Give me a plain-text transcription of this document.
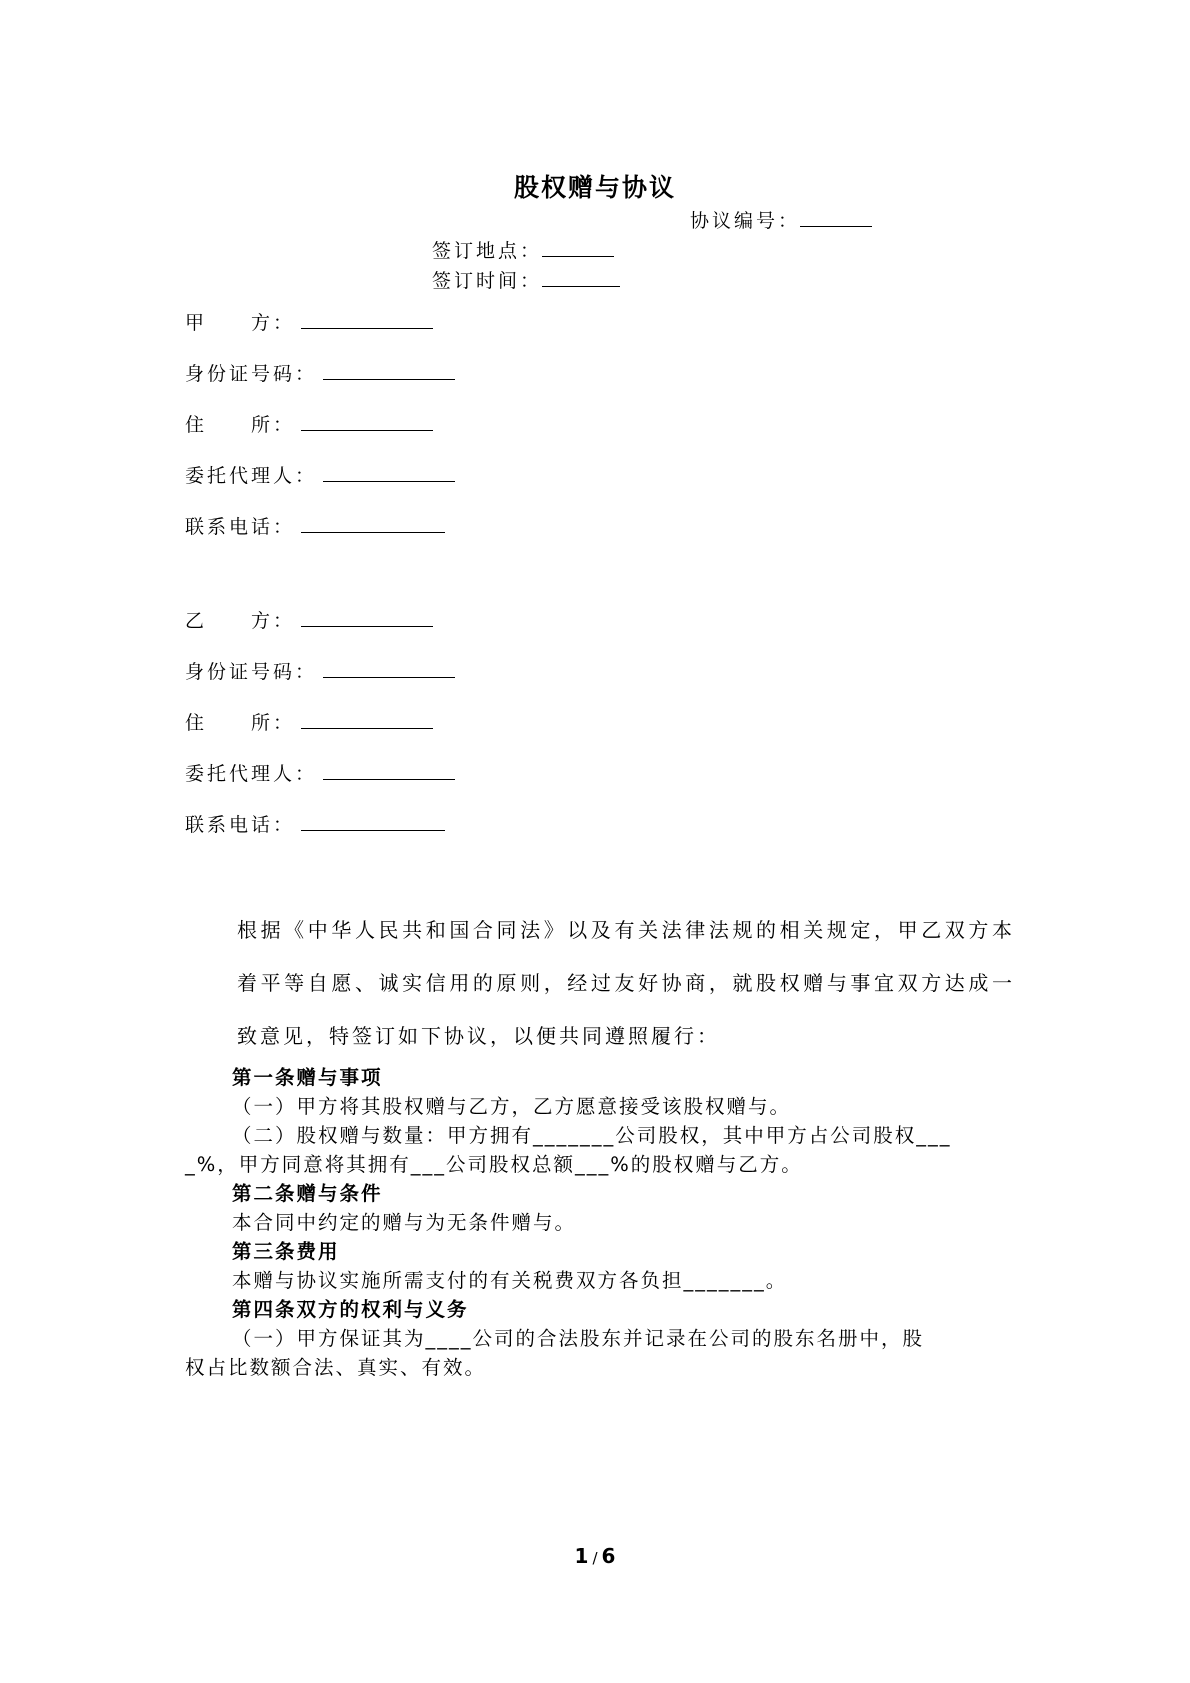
股权赠与协议
协议编号：
签订地点：
签订时间：
甲　　方：
身份证号码：
住　　所：
委托代理人：
联系电话：
乙　　方：
身份证号码：
住　　所：
委托代理人：
联系电话：
根据《中华人民共和国合同法》以及有关法律法规的相关规定，甲乙双方本着平等自愿、诚实信用的原则，经过友好协商，就股权赠与事宜双方达成一致意见，特签订如下协议，以便共同遵照履行：
第一条赠与事项
（一）甲方将其股权赠与乙方，乙方愿意接受该股权赠与。
（二）股权赠与数量：甲方拥有_______公司股权，其中甲方占公司股权___
_%，甲方同意将其拥有___公司股权总额___%的股权赠与乙方。
第二条赠与条件
本合同中约定的赠与为无条件赠与。
第三条费用
本赠与协议实施所需支付的有关税费双方各负担_______。
第四条双方的权利与义务
（一）甲方保证其为____公司的合法股东并记录在公司的股东名册中，股
权占比数额合法、真实、有效。
1 / 6
